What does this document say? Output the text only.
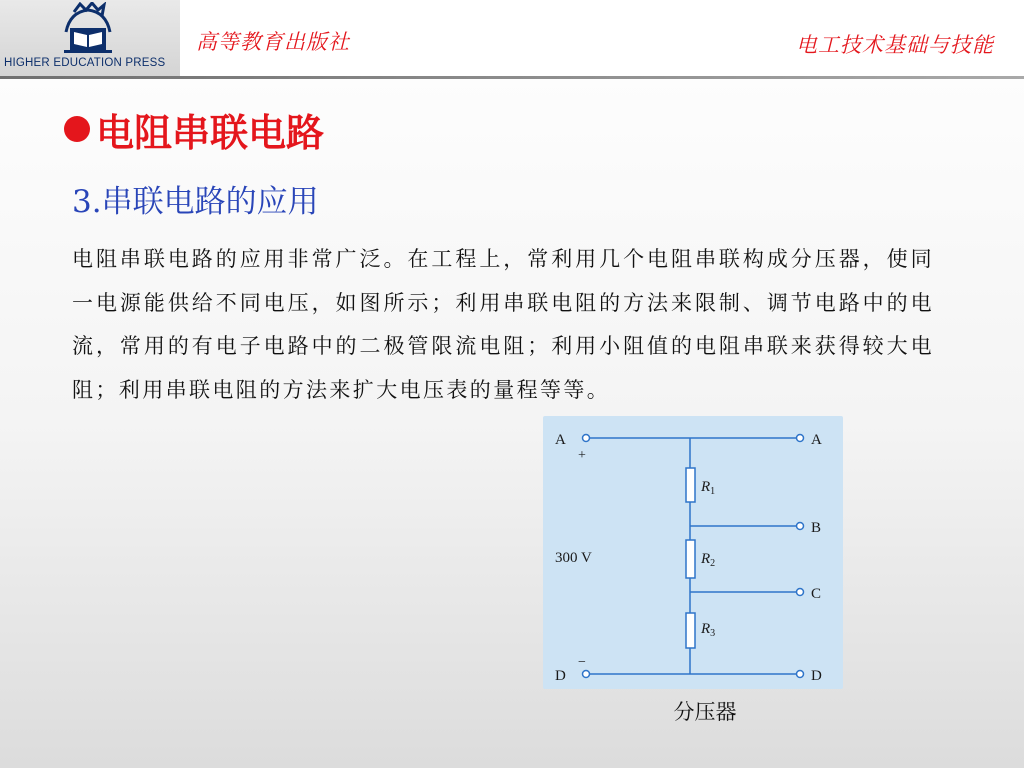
HIGHER EDUCATION PRESS
高等教育出版社	电工技术基础与技能
电阻串联电路
3.串联电路的应用
电阻串联电路的应用非常广泛。在工程上，常利用几个电阻串联构成分压器，使同一电源能供给不同电压，如图所示；利用串联电阻的方法来限制、调节电路中的电流，常用的有电子电路中的二极管限流电阻；利用小阻值的电阻串联来获得较大电阻；利用串联电阻的方法来扩大电压表的量程等等。
A
D
A
B
C
D
300 V
+
−
$R_1$
$R_2$
$R_3$
分压器
